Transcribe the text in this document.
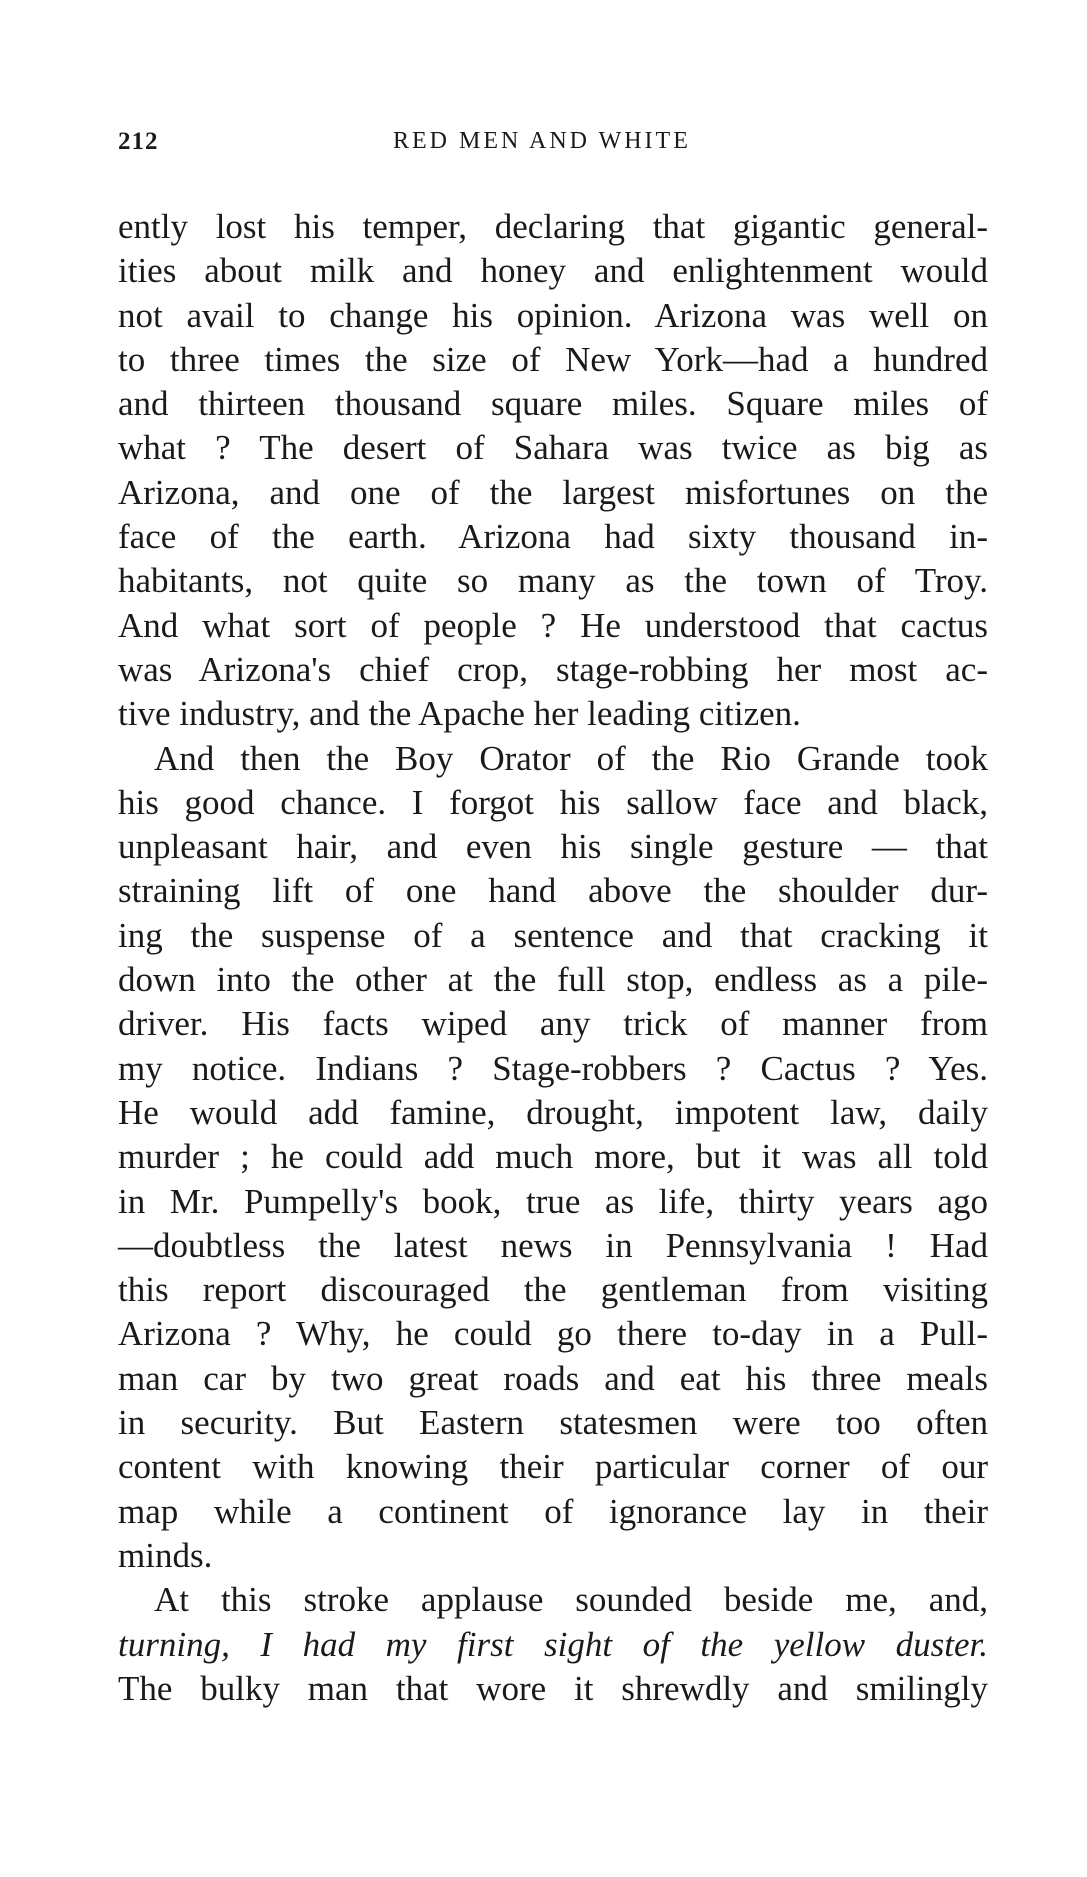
212	RED MEN AND WHITE
ently lost his temper, declaring that gigantic general-
ities about milk and honey and enlightenment would
not avail to change his opinion. Arizona was well on
to three times the size of New York—had a hundred
and thirteen thousand square miles. Square miles of
what ? The desert of Sahara was twice as big as
Arizona, and one of the largest misfortunes on the
face of the earth. Arizona had sixty thousand in-
habitants, not quite so many as the town of Troy.
And what sort of people ? He understood that cactus
was Arizona's chief crop, stage-robbing her most ac-
tive industry, and the Apache her leading citizen.
And then the Boy Orator of the Rio Grande took
his good chance. I forgot his sallow face and black,
unpleasant hair, and even his single gesture — that
straining lift of one hand above the shoulder dur-
ing the suspense of a sentence and that cracking it
down into the other at the full stop, endless as a pile-
driver. His facts wiped any trick of manner from
my notice. Indians ? Stage-robbers ? Cactus ? Yes.
He would add famine, drought, impotent law, daily
murder ; he could add much more, but it was all told
in Mr. Pumpelly's book, true as life, thirty years ago
—doubtless the latest news in Pennsylvania ! Had
this report discouraged the gentleman from visiting
Arizona ? Why, he could go there to-day in a Pull-
man car by two great roads and eat his three meals
in security. But Eastern statesmen were too often
content with knowing their particular corner of our
map while a continent of ignorance lay in their
minds.
At this stroke applause sounded beside me, and,
turning, I had my first sight of the yellow duster.
The bulky man that wore it shrewdly and smilingly
